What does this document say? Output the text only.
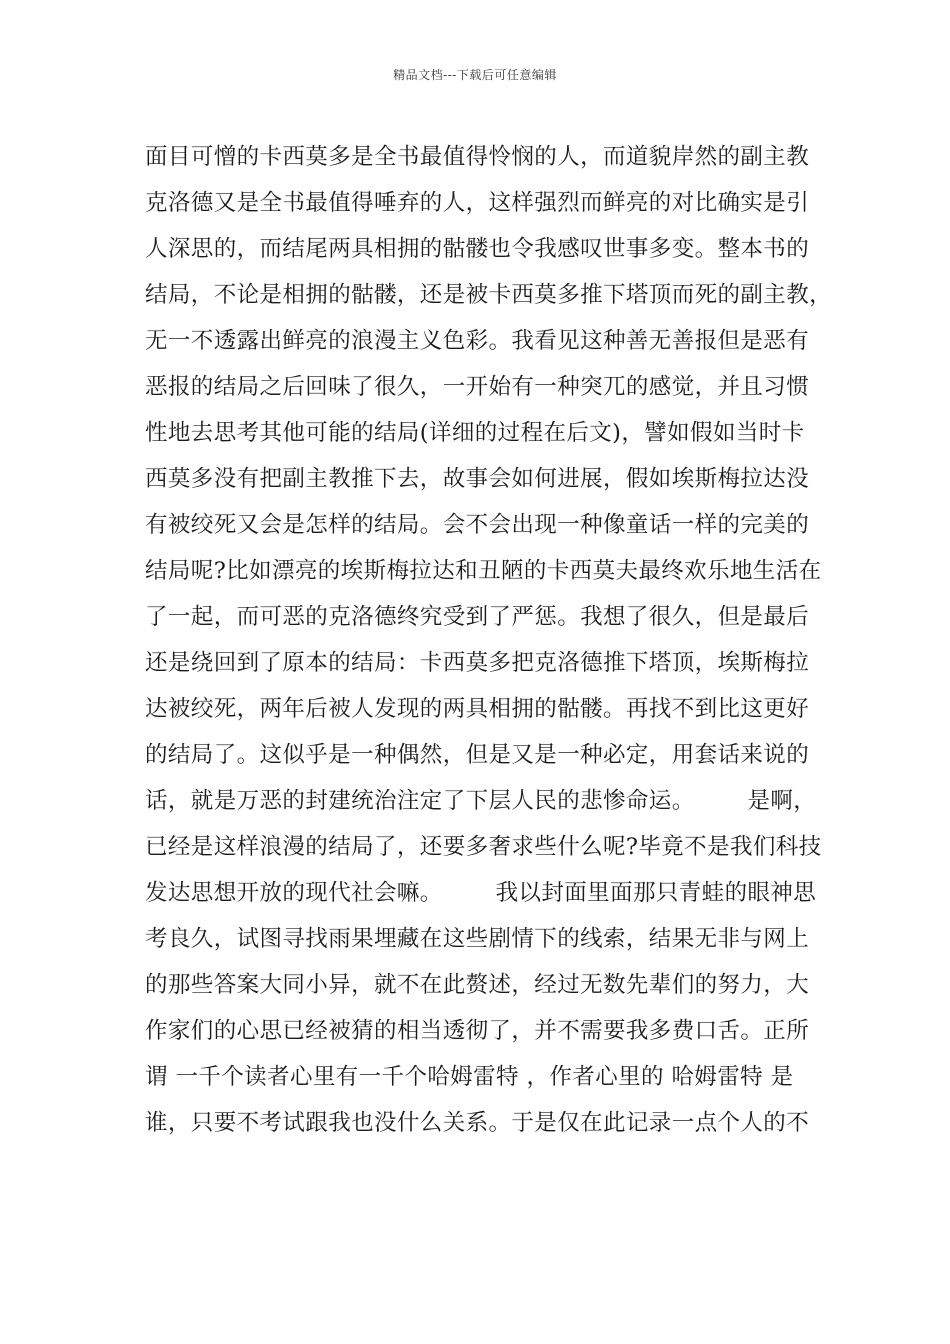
精品文档---下载后可任意编辑
面目可憎的卡西莫多是全书最值得怜悯的人，而道貌岸然的副主教
克洛德又是全书最值得唾弃的人，这样强烈而鲜亮的对比确实是引
人深思的，而结尾两具相拥的骷髅也令我感叹世事多变。整本书的
结局，不论是相拥的骷髅，还是被卡西莫多推下塔顶而死的副主教，
无一不透露出鲜亮的浪漫主义色彩。我看见这种善无善报但是恶有
恶报的结局之后回味了很久，一开始有一种突兀的感觉，并且习惯
性地去思考其他可能的结局(详细的过程在后文)，譬如假如当时卡
西莫多没有把副主教推下去，故事会如何进展，假如埃斯梅拉达没
有被绞死又会是怎样的结局。会不会出现一种像童话一样的完美的
结局呢?比如漂亮的埃斯梅拉达和丑陋的卡西莫夫最终欢乐地生活在
了一起，而可恶的克洛德终究受到了严惩。我想了很久，但是最后
还是绕回到了原本的结局：卡西莫多把克洛德推下塔顶，埃斯梅拉
达被绞死，两年后被人发现的两具相拥的骷髅。再找不到比这更好
的结局了。这似乎是一种偶然，但是又是一种必定，用套话来说的
话，就是万恶的封建统治注定了下层人民的悲惨命运。       是啊，
已经是这样浪漫的结局了，还要多奢求些什么呢?毕竟不是我们科技
发达思想开放的现代社会嘛。       我以封面里面那只青蛙的眼神思
考良久，试图寻找雨果埋藏在这些剧情下的线索，结果无非与网上
的那些答案大同小异，就不在此赘述，经过无数先辈们的努力，大
作家们的心思已经被猜的相当透彻了，并不需要我多费口舌。正所
谓 一千个读者心里有一千个哈姆雷特 ，作者心里的 哈姆雷特 是
谁，只要不考试跟我也没什么关系。于是仅在此记录一点个人的不
